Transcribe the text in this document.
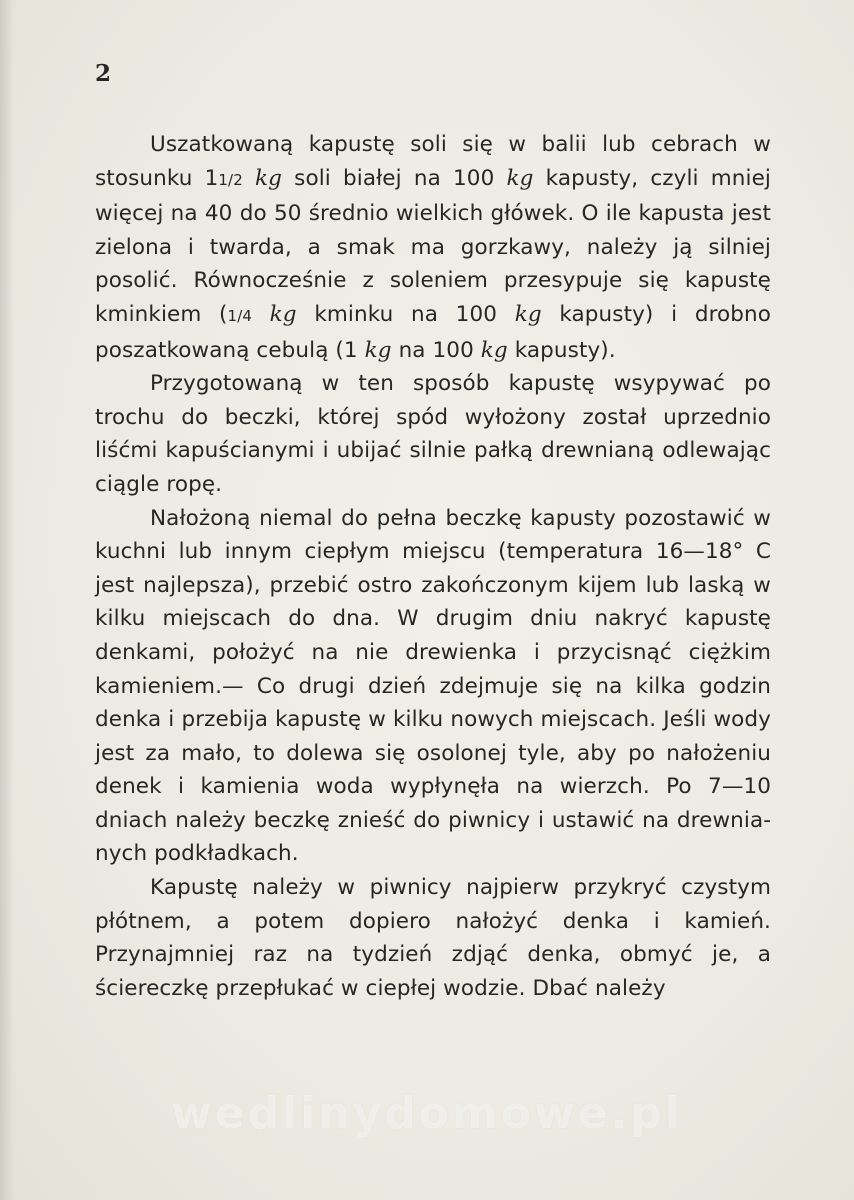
2

Uszatkowaną kapustę soli się w balii lub cebrach w stosunku 11/2 kg soli białej na 100 kg kapusty, czyli mniej więcej na 40 do 50 średnio wielkich główek. O ile kapusta jest zielona i twarda, a smak ma gorzkawy, należy ją silniej posolić. Równocześnie z soleniem przesypuje się kapustę kminkiem (1/4 kg kminku na 100 kg kapusty) i drobno poszatkowaną cebulą (1 kg na 100 kg kapusty).

Przygotowaną w ten sposób kapustę wsypywać po trochu do beczki, której spód wyłożony został uprzednio liśćmi kapuścianymi i ubijać silnie pałką drewnianą odlewając ciągle ropę.

Nałożoną niemal do pełna beczkę kapusty pozostawić w kuchni lub innym ciepłym miejscu (temperatura 16—18° C jest najlepsza), przebić ostro zakończonym kijem lub laską w kilku miejscach do dna. W drugim dniu nakryć kapustę denkami, położyć na nie drewienka i przycisnąć ciężkim kamieniem.— Co drugi dzień zdejmuje się na kilka godzin denka i przebija kapustę w kilku nowych miejscach. Jeśli wody jest za mało, to dolewa się osolonej tyle, aby po nałożeniu denek i kamienia woda wypłynęła na wierzch. Po 7—10 dniach należy beczkę znieść do piwnicy i ustawić na drewnianych podkładkach.

Kapustę należy w piwnicy najpierw przykryć czystym płótnem, a potem dopiero nałożyć denka i kamień. Przynajmniej raz na tydzień zdjąć denka, obmyć je, a ściereczkę przepłukać w ciepłej wodzie. Dbać należy

wedlinydomowe.pl
